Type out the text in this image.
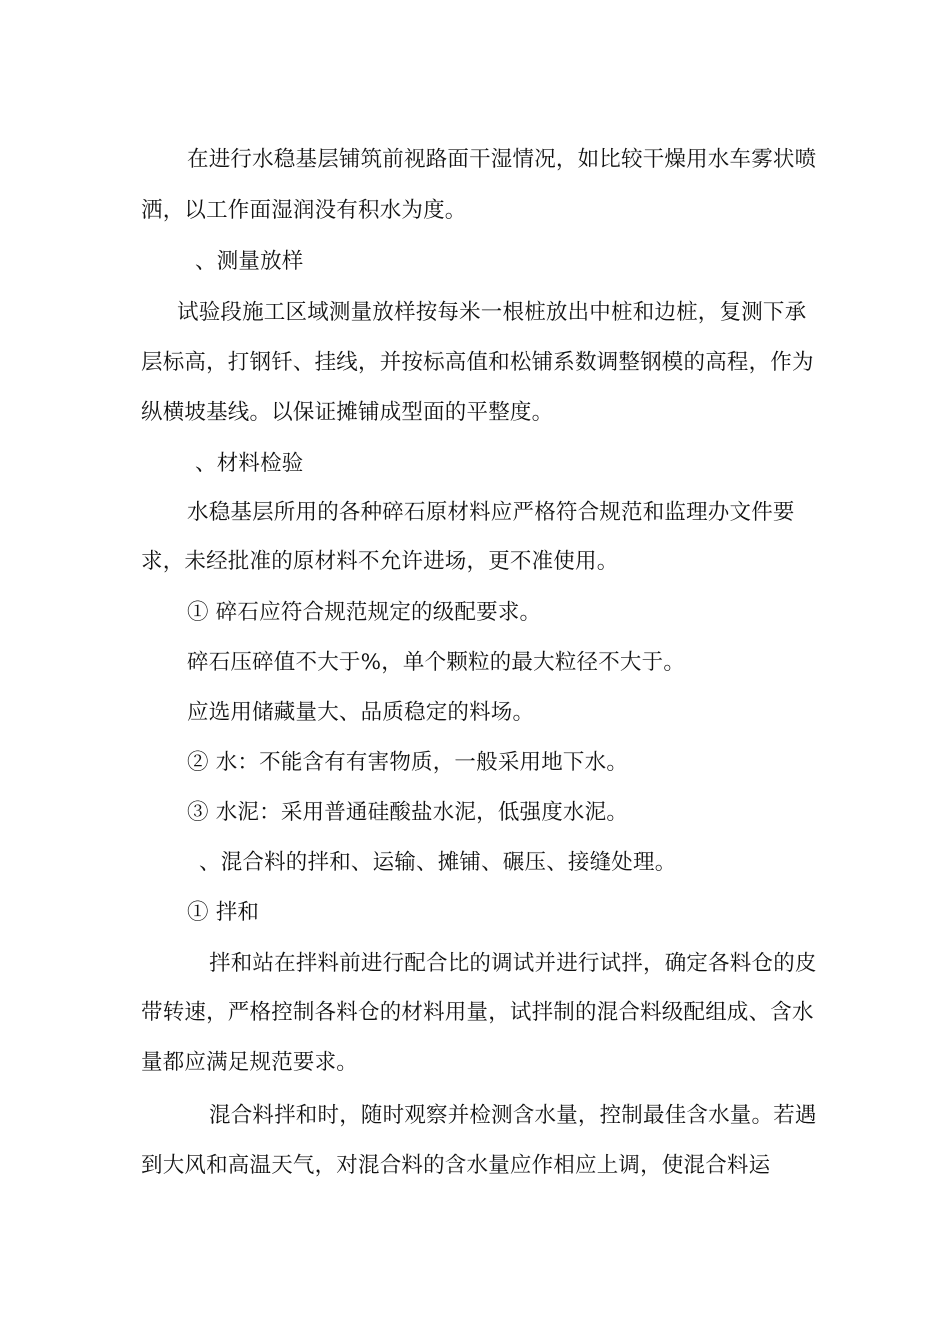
在进行水稳基层铺筑前视路面干湿情况，如比较干燥用水车雾状喷
洒，以工作面湿润没有积水为度。
、测量放样
试验段施工区域测量放样按每米一根桩放出中桩和边桩，复测下承
层标高，打钢钎、挂线，并按标高值和松铺系数调整钢模的高程，作为
纵横坡基线。以保证摊铺成型面的平整度。
、材料检验
水稳基层所用的各种碎石原材料应严格符合规范和监理办文件要
求，未经批准的原材料不允许进场，更不准使用。
① 碎石应符合规范规定的级配要求。
碎石压碎值不大于%，单个颗粒的最大粒径不大于。
应选用储藏量大、品质稳定的料场。
② 水：不能含有有害物质，一般采用地下水。
③ 水泥：采用普通硅酸盐水泥，低强度水泥。
、混合料的拌和、运输、摊铺、碾压、接缝处理。
① 拌和
拌和站在拌料前进行配合比的调试并进行试拌，确定各料仓的皮
带转速，严格控制各料仓的材料用量，试拌制的混合料级配组成、含水
量都应满足规范要求。
混合料拌和时，随时观察并检测含水量，控制最佳含水量。若遇
到大风和高温天气，对混合料的含水量应作相应上调，使混合料运
